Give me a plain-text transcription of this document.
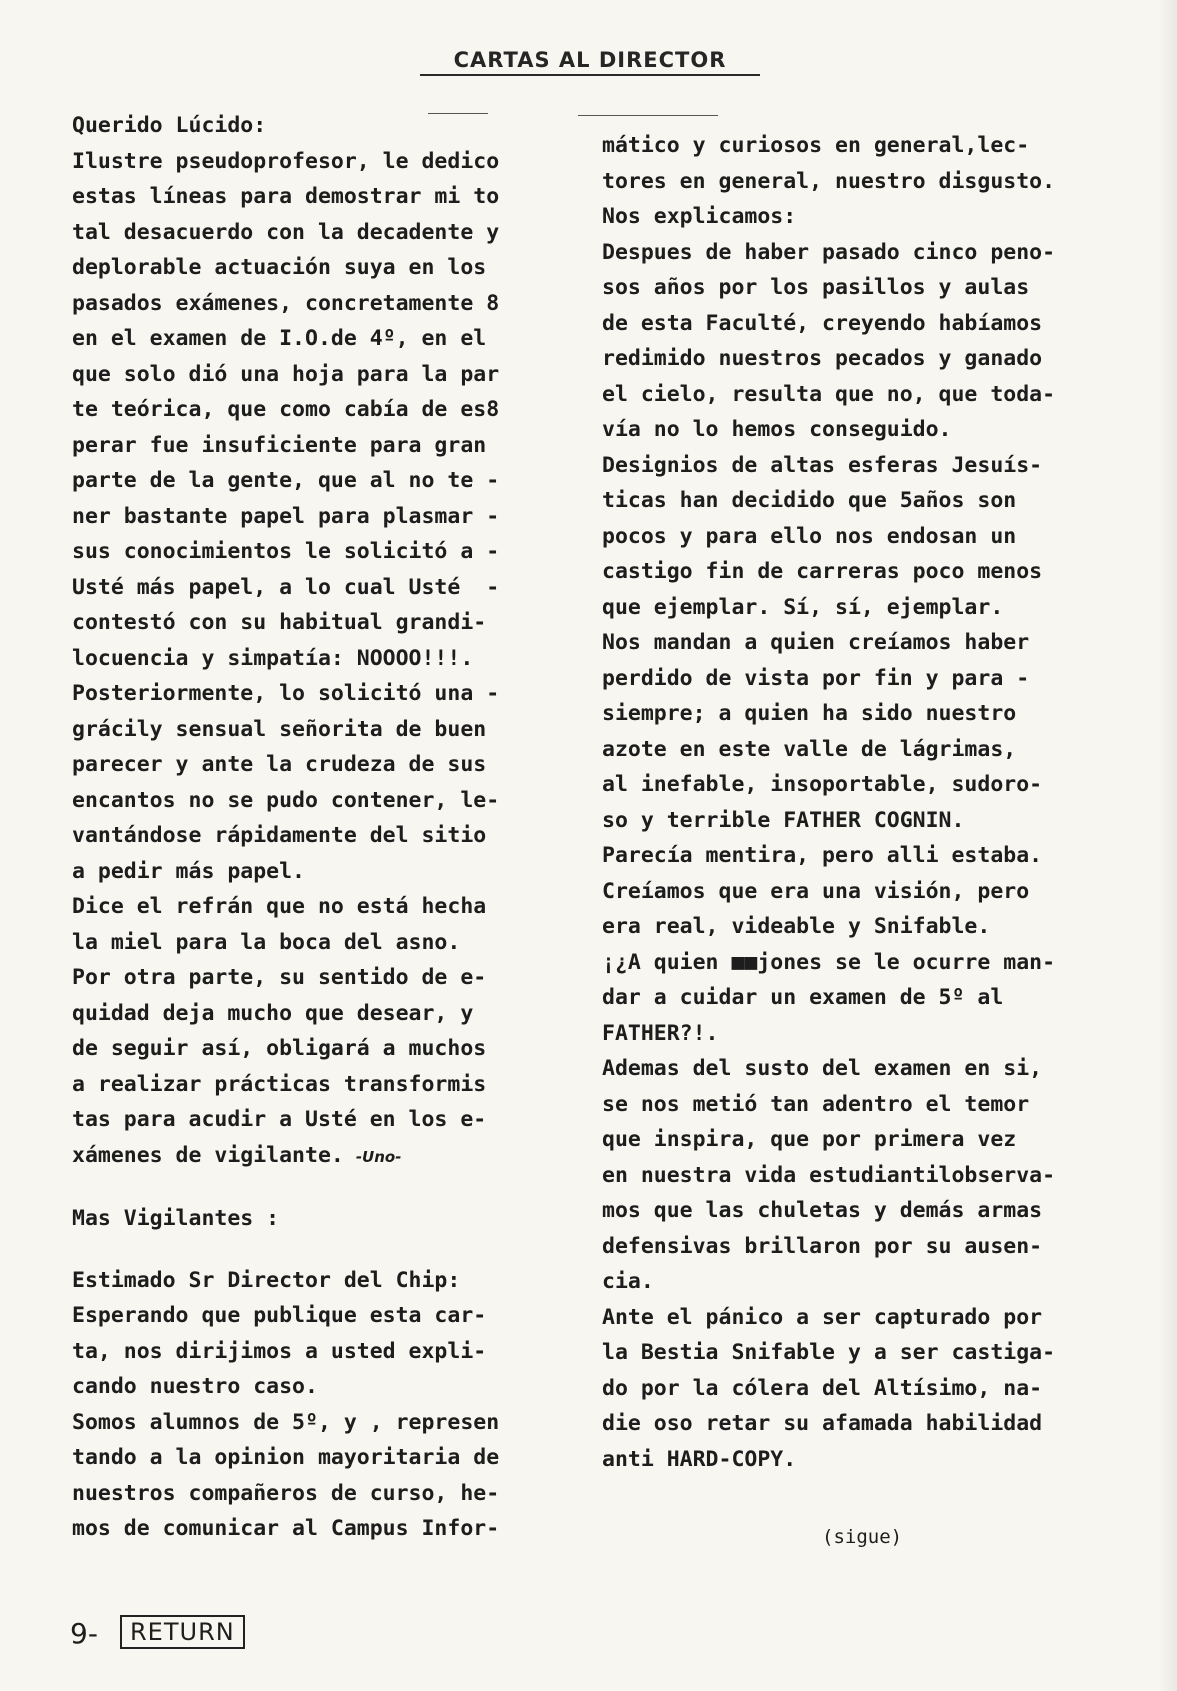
CARTAS AL DIRECTOR
Querido Lúcido:
Ilustre pseudoprofesor, le dedico
estas líneas para demostrar mi to
tal desacuerdo con la decadente y
deplorable actuación suya en los
pasados exámenes, concretamente 8
en el examen de I.O.de 4º, en el
que solo dió una hoja para la par
te teórica, que como cabía de es8
perar fue insuficiente para gran
parte de la gente, que al no te -
ner bastante papel para plasmar -
sus conocimientos le solicitó a -
Usté más papel, a lo cual Usté  -
contestó con su habitual grandi-
locuencia y simpatía: NOOOO!!!.
Posteriormente, lo solicitó una -
grácily sensual señorita de buen
parecer y ante la crudeza de sus
encantos no se pudo contener, le-
vantándose rápidamente del sitio
a pedir más papel.
Dice el refrán que no está hecha
la miel para la boca del asno.
Por otra parte, su sentido de e-
quidad deja mucho que desear, y
de seguir así, obligará a muchos
a realizar prácticas transformis
tas para acudir a Usté en los e-
xámenes de vigilante. -Uno-
Mas Vigilantes :
Estimado Sr Director del Chip:
Esperando que publique esta car-
ta, nos dirijimos a usted expli-
cando nuestro caso.
Somos alumnos de 5º, y , represen
tando a la opinion mayoritaria de
nuestros compañeros de curso, he-
mos de comunicar al Campus Infor-
mático y curiosos en general,lec-
tores en general, nuestro disgusto.
Nos explicamos:
Despues de haber pasado cinco peno-
sos años por los pasillos y aulas
de esta Faculté, creyendo habíamos
redimido nuestros pecados y ganado
el cielo, resulta que no, que toda-
vía no lo hemos conseguido.
Designios de altas esferas Jesuís-
ticas han decidido que 5años son
pocos y para ello nos endosan un
castigo fin de carreras poco menos
que ejemplar. Sí, sí, ejemplar.
Nos mandan a quien creíamos haber
perdido de vista por fin y para -
siempre; a quien ha sido nuestro
azote en este valle de lágrimas,
al inefable, insoportable, sudoro-
so y terrible FATHER COGNIN.
Parecía mentira, pero alli estaba.
Creíamos que era una visión, pero
era real, videable y Snifable.
¡¿A quien ■■jones se le ocurre man-
dar a cuidar un examen de 5º al
FATHER?!.
Ademas del susto del examen en si,
se nos metió tan adentro el temor
que inspira, que por primera vez
en nuestra vida estudiantilobserva-
mos que las chuletas y demás armas
defensivas brillaron por su ausen-
cia.
Ante el pánico a ser capturado por
la Bestia Snifable y a ser castiga-
do por la cólera del Altísimo, na-
die oso retar su afamada habilidad
anti HARD-COPY.
(sigue)
9-	RETURN
